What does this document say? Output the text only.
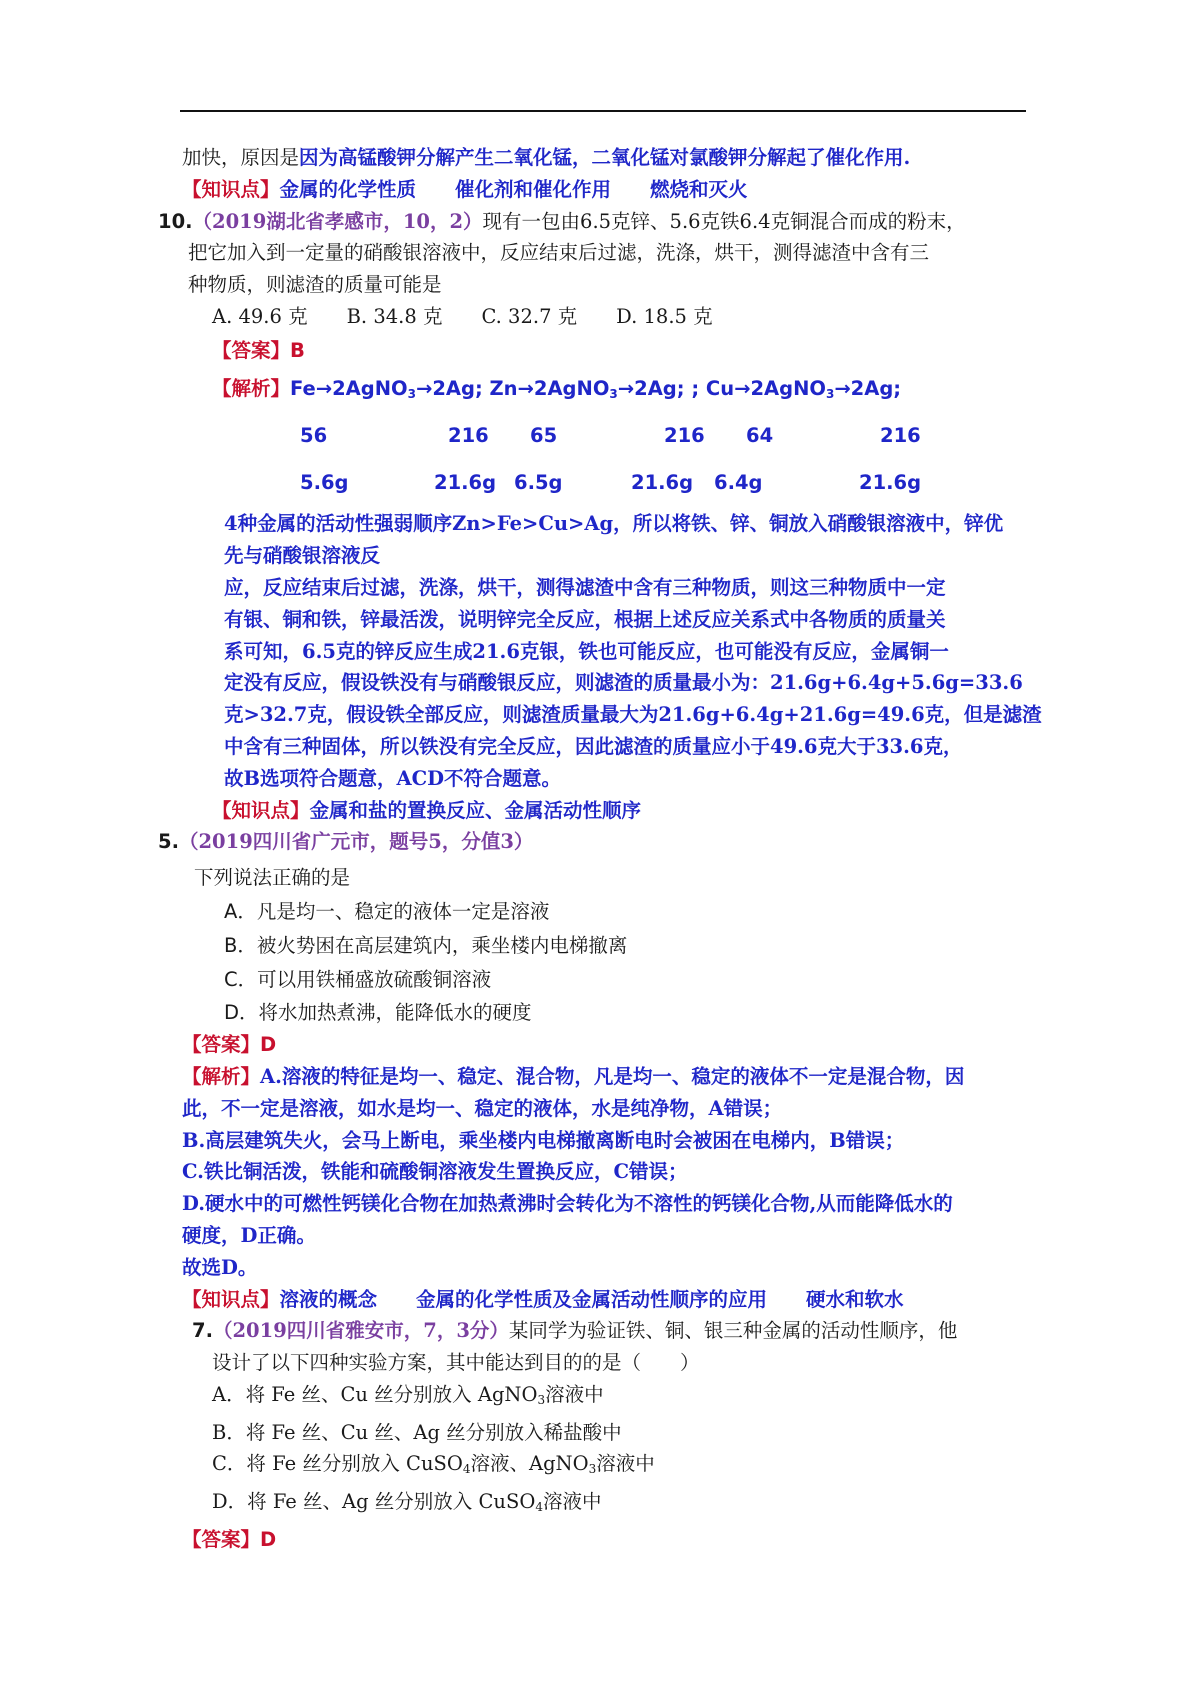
加快，原因是因为高锰酸钾分解产生二氧化锰，二氧化锰对氯酸钾分解起了催化作用.
【知识点】金属的化学性质　　催化剂和催化作用　　燃烧和灭火
10.（2019湖北省孝感市，10，2）现有一包由6.5克锌、5.6克铁6.4克铜混合而成的粉末，
把它加入到一定量的硝酸银溶液中，反应结束后过滤，洗涤，烘干，测得滤渣中含有三
种物质，则滤渣的质量可能是
A. 49.6 克　　B. 34.8 克　　C. 32.7 克　　D. 18.5 克
【答案】B
【解析】Fe→2AgNO$_3$→2Ag; Zn→2AgNO$_3$→2Ag; ; Cu→2AgNO$_3$→2Ag;
56	216 65	216 64	216
5.6g	21.6g 6.5g	21.6g 6.4g	21.6g
4种金属的活动性强弱顺序Zn>Fe>Cu>Ag，所以将铁、锌、铜放入硝酸银溶液中，锌优
先与硝酸银溶液反
应，反应结束后过滤，洗涤，烘干，测得滤渣中含有三种物质，则这三种物质中一定
有银、铜和铁，锌最活泼，说明锌完全反应，根据上述反应关系式中各物质的质量关
系可知，6.5克的锌反应生成21.6克银，铁也可能反应，也可能没有反应，金属铜一
定没有反应，假设铁没有与硝酸银反应，则滤渣的质量最小为：21.6g+6.4g+5.6g=33.6
克>32.7克，假设铁全部反应，则滤渣质量最大为21.6g+6.4g+21.6g=49.6克，但是滤渣
中含有三种固体，所以铁没有完全反应，因此滤渣的质量应小于49.6克大于33.6克，
故B选项符合题意，ACD不符合题意。
【知识点】金属和盐的置换反应、金属活动性顺序
5.（2019四川省广元市，题号5，分值3）
下列说法正确的是
A．凡是均一、稳定的液体一定是溶液
B．被火势困在高层建筑内，乘坐楼内电梯撤离
C．可以用铁桶盛放硫酸铜溶液
D．将水加热煮沸，能降低水的硬度
【答案】D
【解析】A.溶液的特征是均一、稳定、混合物，凡是均一、稳定的液体不一定是混合物，因
此，不一定是溶液，如水是均一、稳定的液体，水是纯净物，A错误；
B.高层建筑失火，会马上断电，乘坐楼内电梯撤离断电时会被困在电梯内，B错误；
C.铁比铜活泼，铁能和硫酸铜溶液发生置换反应，C错误；
D.硬水中的可燃性钙镁化合物在加热煮沸时会转化为不溶性的钙镁化合物,从而能降低水的
硬度，D正确。
故选D。
【知识点】溶液的概念　　金属的化学性质及金属活动性顺序的应用　　硬水和软水
7.（2019四川省雅安市，7，3分）某同学为验证铁、铜、银三种金属的活动性顺序，他
设计了以下四种实验方案，其中能达到目的的是（　　）
A．将 Fe 丝、Cu 丝分别放入 AgNO$_3$溶液中
B．将 Fe 丝、Cu 丝、Ag 丝分别放入稀盐酸中
C．将 Fe 丝分别放入 CuSO$_4$溶液、AgNO$_3$溶液中
D．将 Fe 丝、Ag 丝分别放入 CuSO$_4$溶液中
【答案】D
